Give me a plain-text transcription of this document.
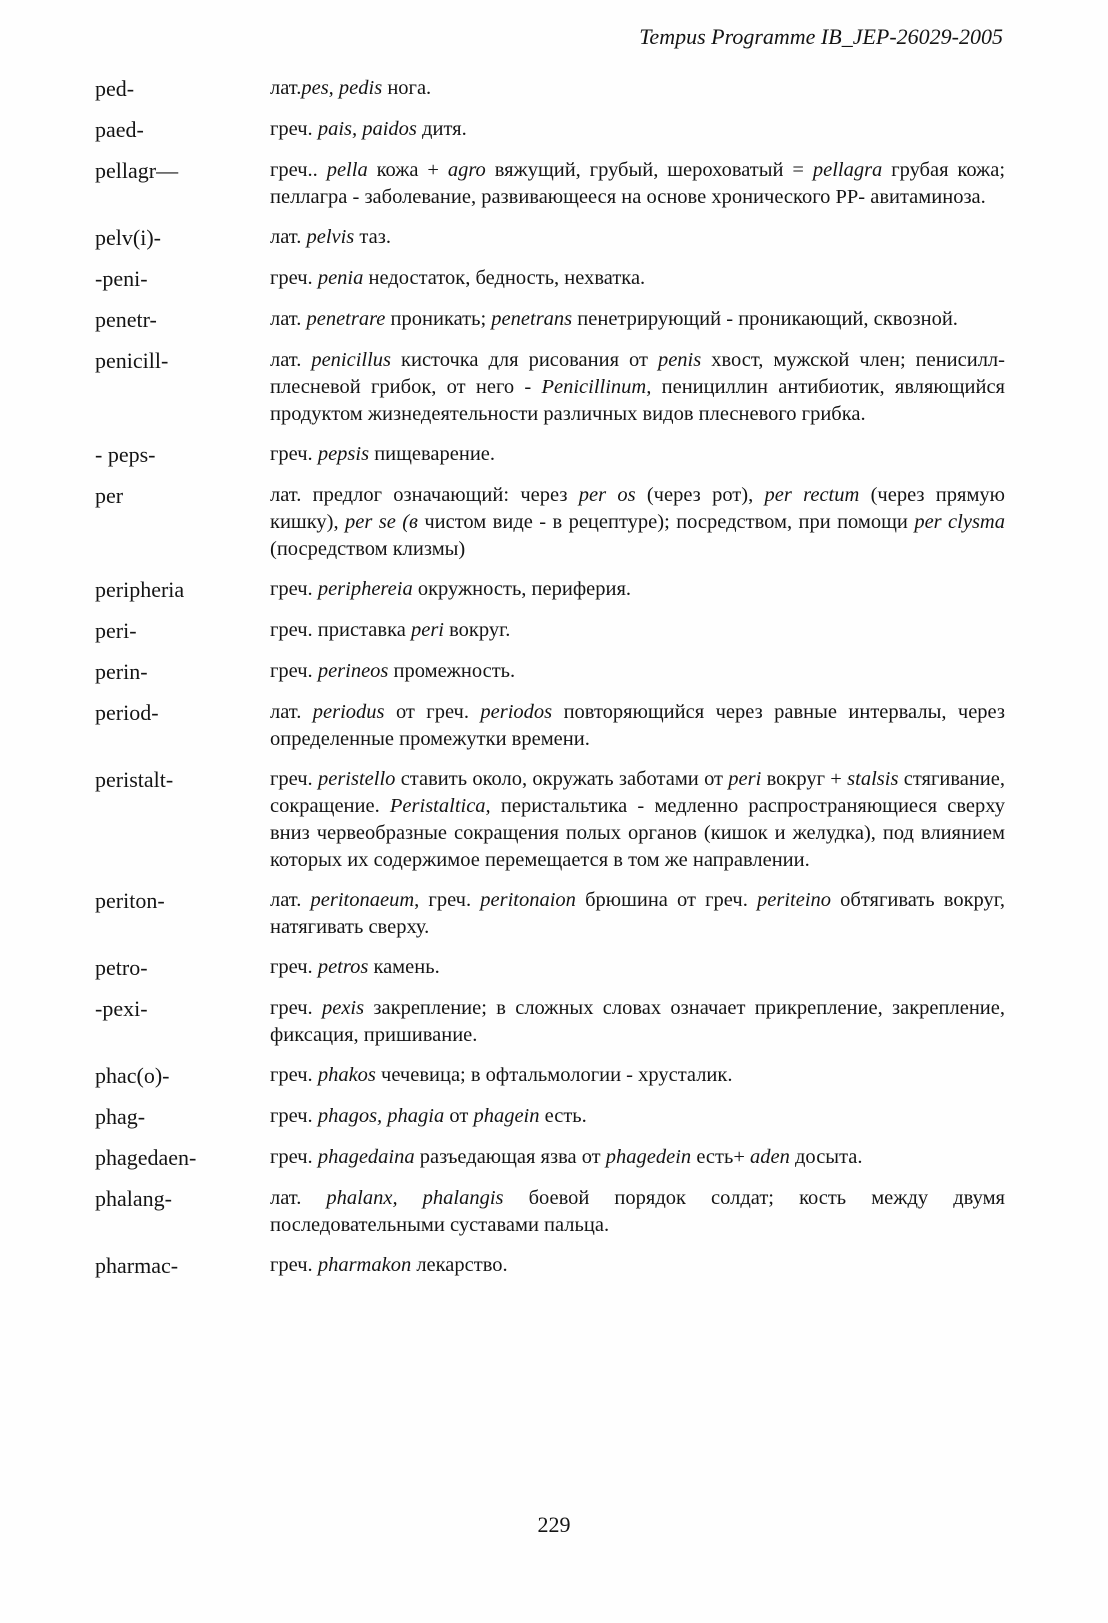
Tempus Programme IB_JEP-26029-2005
ped-	лат.pes, pedis нога.
paed-	греч. pais, paidos дитя.
pellagr—	греч.. pella кожа + agro вяжущий, грубый, шероховатый = pellagra грубая кожа; пеллагра - заболевание, развивающееся на основе хронического РР- авитаминоза.
pelv(i)-	лат. pelvis таз.
-peni-	греч. penia недостаток, бедность, нехватка.
penetr-	лат. penetrare проникать; penetrans пенетрирующий - проникающий, сквозной.
penicill-	лат. penicillus кисточка для рисования от penis хвост, мужской член; пенисилл- плесневой грибок, от него - Penicillinum, пенициллин антибиотик, являющийся продуктом жизнедеятельности различных видов плесневого грибка.
- peps-	греч. pepsis пищеварение.
per	лат. предлог означающий: через per os (через рот), per rectum (через прямую кишку), per se (в чистом виде - в рецептуре); посредством, при помощи per clysma (посредством клизмы)
peripheria	греч. periphereia окружность, периферия.
peri-	греч. приставка peri вокруг.
perin-	греч. perineos промежность.
period-	лат. periodus от греч. periodos повторяющийся через равные интервалы, через определенные промежутки времени.
peristalt-	греч. peristello ставить около, окружать заботами от peri вокруг + stalsis стягивание, сокращение. Peristaltica, перистальтика - медленно распространяющиеся сверху вниз червеобразные сокращения полых органов (кишок и желудка), под влиянием которых их содержимое перемещается в том же направлении.
periton-	лат. peritonaeum, греч. peritonaion брюшина от греч. periteino обтягивать вокруг, натягивать сверху.
petro-	греч. petros камень.
-pexi-	греч. pexis закрепление; в сложных словах означает прикрепление, закрепление, фиксация, пришивание.
phac(o)-	греч. phakos чечевица; в офтальмологии - хрусталик.
phag-	греч. phagos, phagia от phagein есть.
phagedaen-	греч. phagedaina разъедающая язва от phagedein есть+ aden досыта.
phalang-	лат. phalanx, phalangis боевой порядок солдат; кость между двумя последовательными суставами пальца.
pharmac-	греч. pharmakon лекарство.
229
